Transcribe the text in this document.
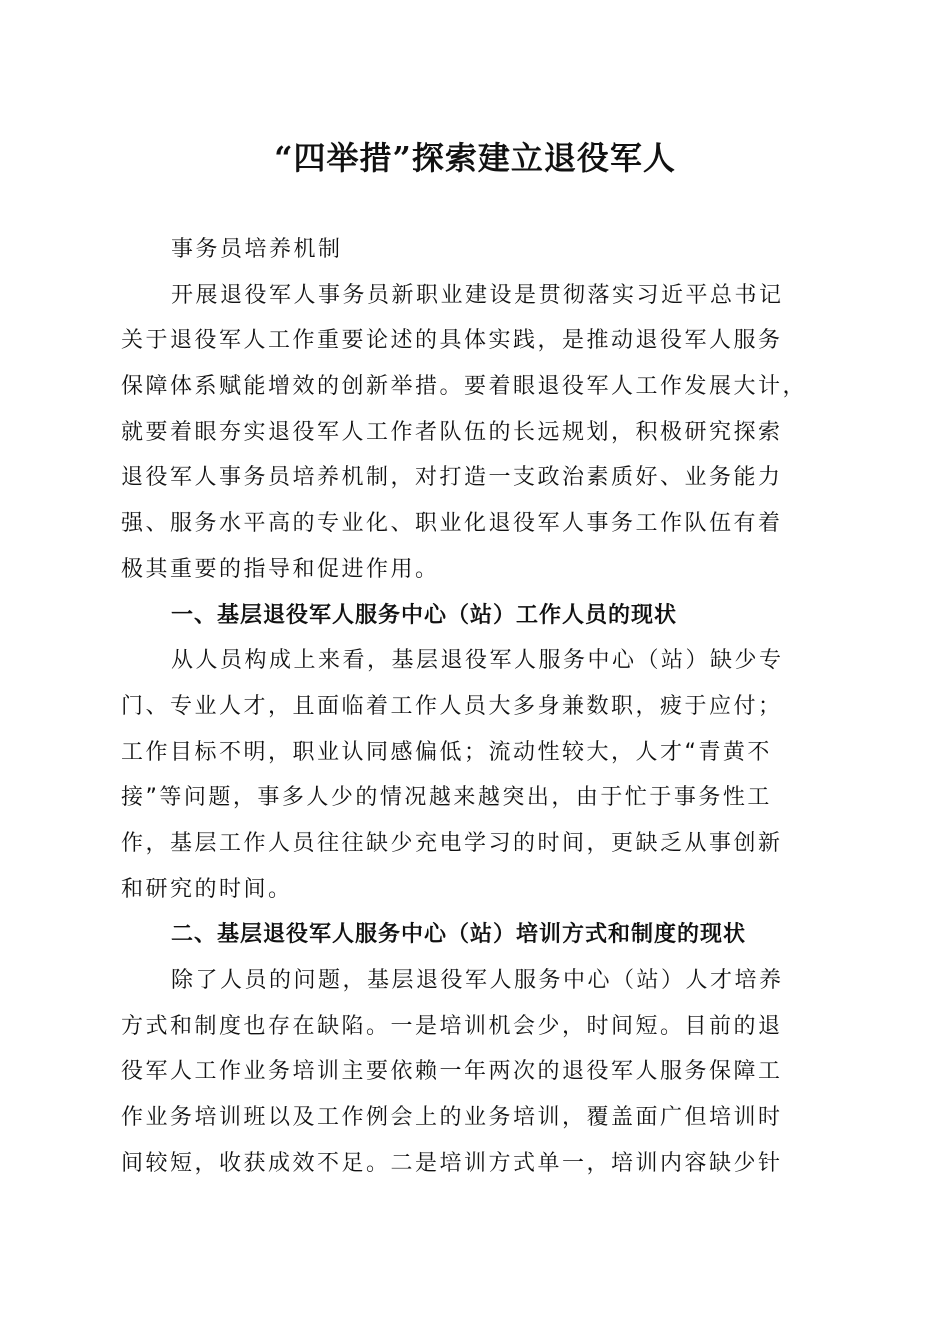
“四举措”探索建立退役军人

事务员培养机制

开展退役军人事务员新职业建设是贯彻落实习近平总书记

关于退役军人工作重要论述的具体实践，是推动退役军人服务

保障体系赋能增效的创新举措。要着眼退役军人工作发展大计，

就要着眼夯实退役军人工作者队伍的长远规划，积极研究探索

退役军人事务员培养机制，对打造一支政治素质好、业务能力

强、服务水平高的专业化、职业化退役军人事务工作队伍有着

极其重要的指导和促进作用。

一、基层退役军人服务中心（站）工作人员的现状

从人员构成上来看，基层退役军人服务中心（站）缺少专

门、专业人才，且面临着工作人员大多身兼数职，疲于应付；

工作目标不明，职业认同感偏低；流动性较大，人才“青黄不

接”等问题，事多人少的情况越来越突出，由于忙于事务性工

作，基层工作人员往往缺少充电学习的时间，更缺乏从事创新

和研究的时间。

二、基层退役军人服务中心（站）培训方式和制度的现状

除了人员的问题，基层退役军人服务中心（站）人才培养

方式和制度也存在缺陷。一是培训机会少，时间短。目前的退

役军人工作业务培训主要依赖一年两次的退役军人服务保障工

作业务培训班以及工作例会上的业务培训，覆盖面广但培训时

间较短，收获成效不足。二是培训方式单一，培训内容缺少针
